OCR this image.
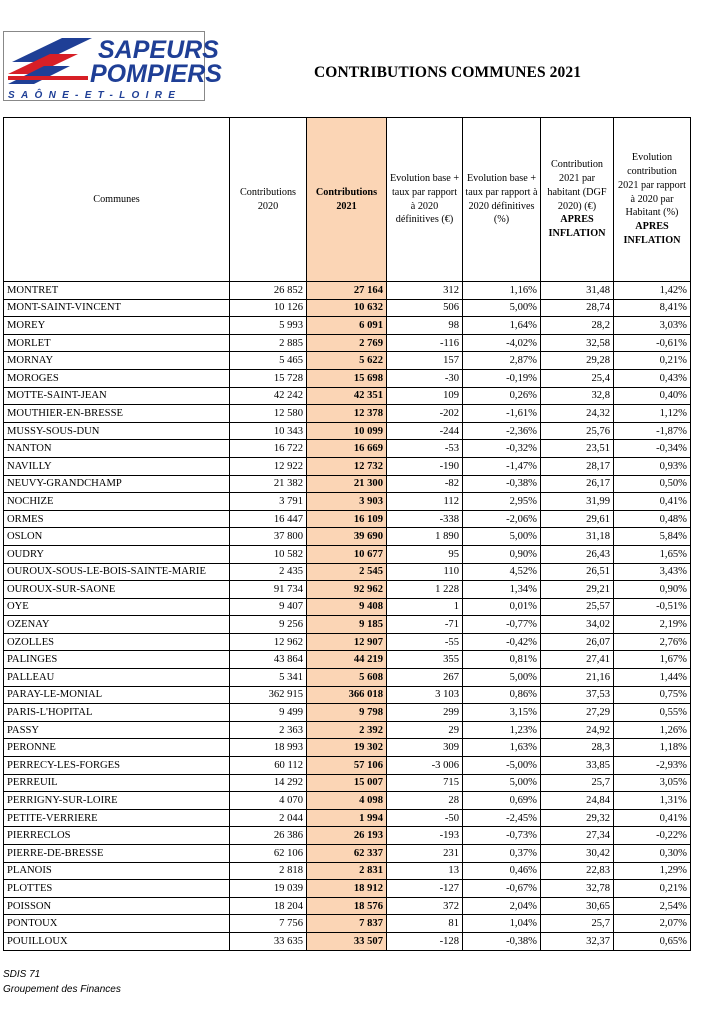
SAPEURS
POMPIERS
SAÔNE-ET-LOIRE
CONTRIBUTIONS COMMUNES 2021
Communes	Contributions 2020	Contributions 2021	Evolution base + taux par rapport à 2020 définitives (€)	Evolution base + taux par rapport à 2020 définitives (%)	Contribution 2021 par habitant (DGF 2020) (€) APRES INFLATION	Evolution contribution 2021 par rapport à 2020 par Habitant (%) APRES INFLATION
MONTRET	26 852	27 164	312	1,16%	31,48	1,42%
MONT-SAINT-VINCENT	10 126	10 632	506	5,00%	28,74	8,41%
MOREY	5 993	6 091	98	1,64%	28,2	3,03%
MORLET	2 885	2 769	-116	-4,02%	32,58	-0,61%
MORNAY	5 465	5 622	157	2,87%	29,28	0,21%
MOROGES	15 728	15 698	-30	-0,19%	25,4	0,43%
MOTTE-SAINT-JEAN	42 242	42 351	109	0,26%	32,8	0,40%
MOUTHIER-EN-BRESSE	12 580	12 378	-202	-1,61%	24,32	1,12%
MUSSY-SOUS-DUN	10 343	10 099	-244	-2,36%	25,76	-1,87%
NANTON	16 722	16 669	-53	-0,32%	23,51	-0,34%
NAVILLY	12 922	12 732	-190	-1,47%	28,17	0,93%
NEUVY-GRANDCHAMP	21 382	21 300	-82	-0,38%	26,17	0,50%
NOCHIZE	3 791	3 903	112	2,95%	31,99	0,41%
ORMES	16 447	16 109	-338	-2,06%	29,61	0,48%
OSLON	37 800	39 690	1 890	5,00%	31,18	5,84%
OUDRY	10 582	10 677	95	0,90%	26,43	1,65%
OUROUX-SOUS-LE-BOIS-SAINTE-MARIE	2 435	2 545	110	4,52%	26,51	3,43%
OUROUX-SUR-SAONE	91 734	92 962	1 228	1,34%	29,21	0,90%
OYE	9 407	9 408	1	0,01%	25,57	-0,51%
OZENAY	9 256	9 185	-71	-0,77%	34,02	2,19%
OZOLLES	12 962	12 907	-55	-0,42%	26,07	2,76%
PALINGES	43 864	44 219	355	0,81%	27,41	1,67%
PALLEAU	5 341	5 608	267	5,00%	21,16	1,44%
PARAY-LE-MONIAL	362 915	366 018	3 103	0,86%	37,53	0,75%
PARIS-L'HOPITAL	9 499	9 798	299	3,15%	27,29	0,55%
PASSY	2 363	2 392	29	1,23%	24,92	1,26%
PERONNE	18 993	19 302	309	1,63%	28,3	1,18%
PERRECY-LES-FORGES	60 112	57 106	-3 006	-5,00%	33,85	-2,93%
PERREUIL	14 292	15 007	715	5,00%	25,7	3,05%
PERRIGNY-SUR-LOIRE	4 070	4 098	28	0,69%	24,84	1,31%
PETITE-VERRIERE	2 044	1 994	-50	-2,45%	29,32	0,41%
PIERRECLOS	26 386	26 193	-193	-0,73%	27,34	-0,22%
PIERRE-DE-BRESSE	62 106	62 337	231	0,37%	30,42	0,30%
PLANOIS	2 818	2 831	13	0,46%	22,83	1,29%
PLOTTES	19 039	18 912	-127	-0,67%	32,78	0,21%
POISSON	18 204	18 576	372	2,04%	30,65	2,54%
PONTOUX	7 756	7 837	81	1,04%	25,7	2,07%
POUILLOUX	33 635	33 507	-128	-0,38%	32,37	0,65%
SDIS 71
Groupement des Finances
